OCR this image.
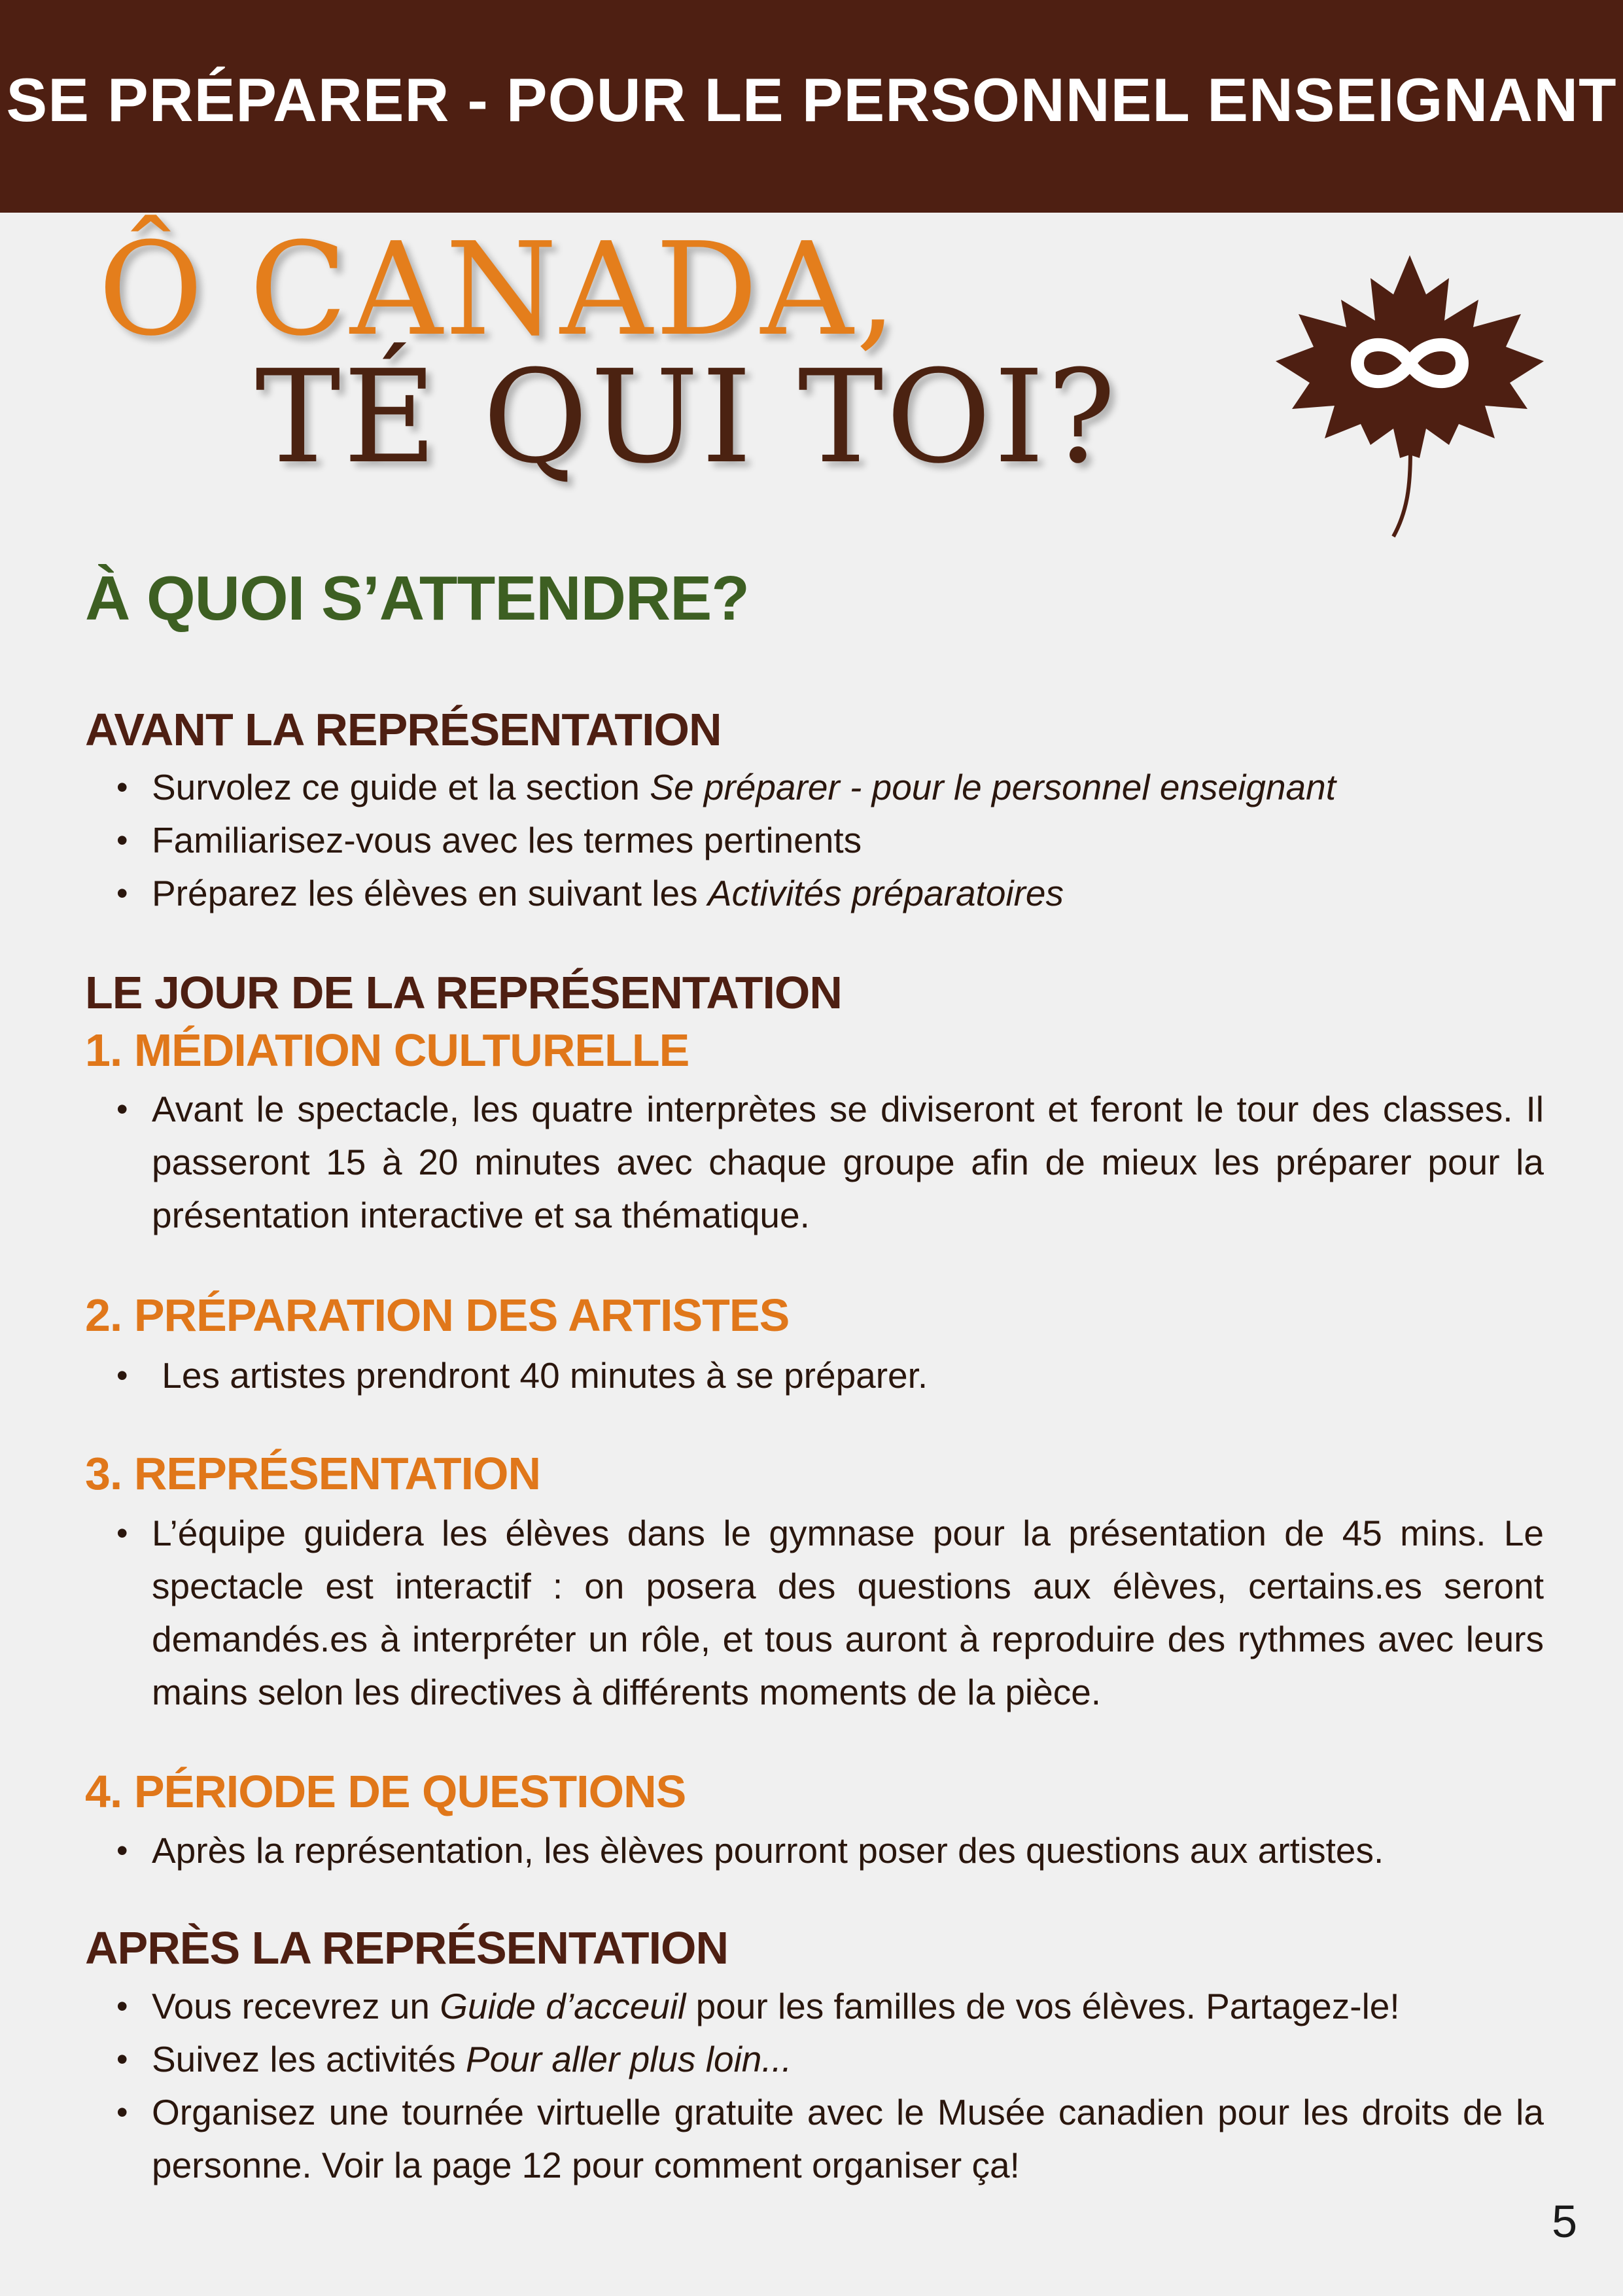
SE PRÉPARER - POUR LE PERSONNEL ENSEIGNANT
Ô CANADA,
TÉ QUI TOI?
À QUOI S’ATTENDRE?
AVANT LA REPRÉSENTATION
• Survolez ce guide et la section Se préparer - pour le personnel enseignant
• Familiarisez-vous avec les termes pertinents
• Préparez les élèves en suivant les Activités préparatoires
LE JOUR DE LA REPRÉSENTATION
1. MÉDIATION CULTURELLE
• Avant le spectacle, les quatre interprètes se diviseront et feront le tour des classes. Il passeront 15 à 20 minutes avec chaque groupe afin de mieux les préparer pour la présentation interactive et sa thématique.
2. PRÉPARATION DES ARTISTES
•  Les artistes prendront 40 minutes à se préparer.
3. REPRÉSENTATION
• L’équipe guidera les élèves dans le gymnase pour la présentation de 45 mins. Le spectacle est interactif : on posera des questions aux élèves, certains.es seront demandés.es à interpréter un rôle, et tous auront à reproduire des rythmes avec leurs mains selon les directives à différents moments de la pièce.
4. PÉRIODE DE QUESTIONS
• Après la représentation, les èlèves pourront poser des questions aux artistes.
APRÈS LA REPRÉSENTATION
• Vous recevrez un Guide d’acceuil pour les familles de vos élèves. Partagez-le!
• Suivez les activités Pour aller plus loin...
• Organisez une tournée virtuelle gratuite avec le Musée canadien pour les droits de la personne. Voir la page 12 pour comment organiser ça!
5
